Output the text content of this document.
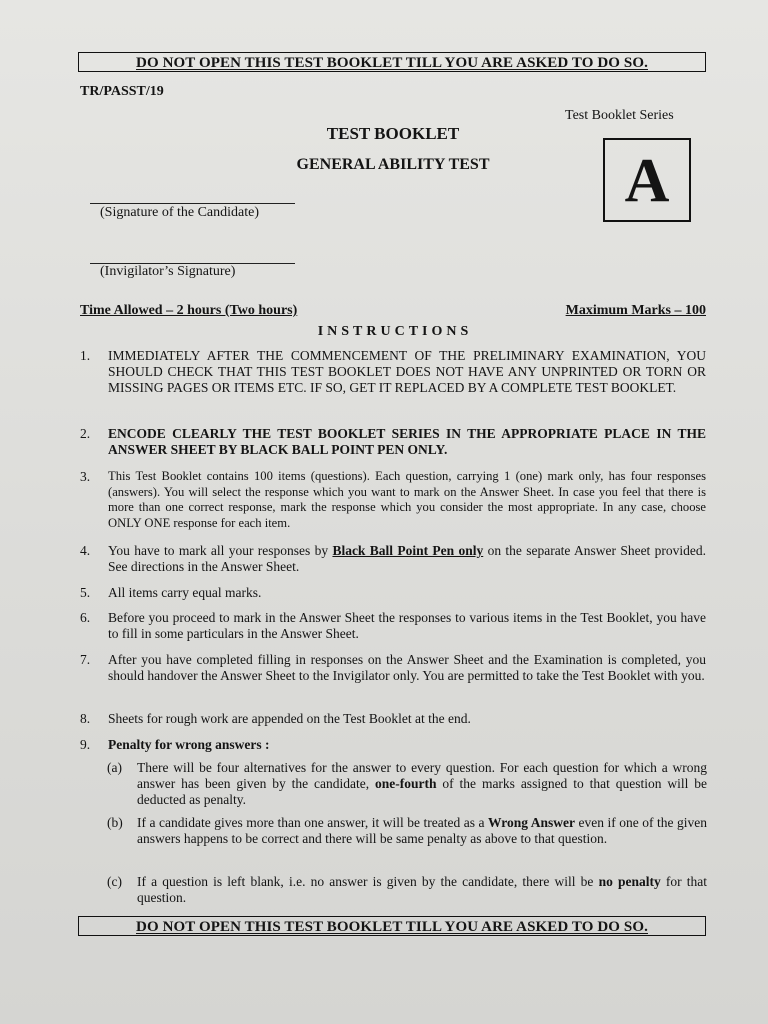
DO NOT OPEN THIS TEST BOOKLET TILL YOU ARE ASKED TO DO SO.
TR/PASST/19
Test Booklet Series
A
TEST BOOKLET
GENERAL ABILITY TEST
(Signature of the Candidate)
(Invigilator’s Signature)
Time Allowed – 2 hours (Two hours)	Maximum Marks – 100
INSTRUCTIONS
1.	IMMEDIATELY AFTER THE COMMENCEMENT OF THE PRELIMINARY EXAMINATION, YOU SHOULD CHECK THAT THIS TEST BOOKLET DOES NOT HAVE ANY UNPRINTED OR TORN OR MISSING PAGES OR ITEMS ETC. IF SO, GET IT REPLACED BY A COMPLETE TEST BOOKLET.
2.	ENCODE CLEARLY THE TEST BOOKLET SERIES IN THE APPROPRIATE PLACE IN THE ANSWER SHEET BY BLACK BALL POINT PEN ONLY.
3.	This Test Booklet contains 100 items (questions). Each question, carrying 1 (one) mark only, has four responses (answers). You will select the response which you want to mark on the Answer Sheet. In case you feel that there is more than one correct response, mark the response which you consider the most appropriate. In any case, choose ONLY ONE response for each item.
4.	You have to mark all your responses by Black Ball Point Pen only on the separate Answer Sheet provided. See directions in the Answer Sheet.
5.	All items carry equal marks.
6.	Before you proceed to mark in the Answer Sheet the responses to various items in the Test Booklet, you have to fill in some particulars in the Answer Sheet.
7.	After you have completed filling in responses on the Answer Sheet and the Examination is completed, you should handover the Answer Sheet to the Invigilator only. You are permitted to take the Test Booklet with you.
8.	Sheets for rough work are appended on the Test Booklet at the end.
9.	Penalty for wrong answers :
(a)	There will be four alternatives for the answer to every question. For each question for which a wrong answer has been given by the candidate, one-fourth of the marks assigned to that question will be deducted as penalty.
(b)	If a candidate gives more than one answer, it will be treated as a Wrong Answer even if one of the given answers happens to be correct and there will be same penalty as above to that question.
(c)	If a question is left blank, i.e. no answer is given by the candidate, there will be no penalty for that question.
DO NOT OPEN THIS TEST BOOKLET TILL YOU ARE ASKED TO DO SO.
